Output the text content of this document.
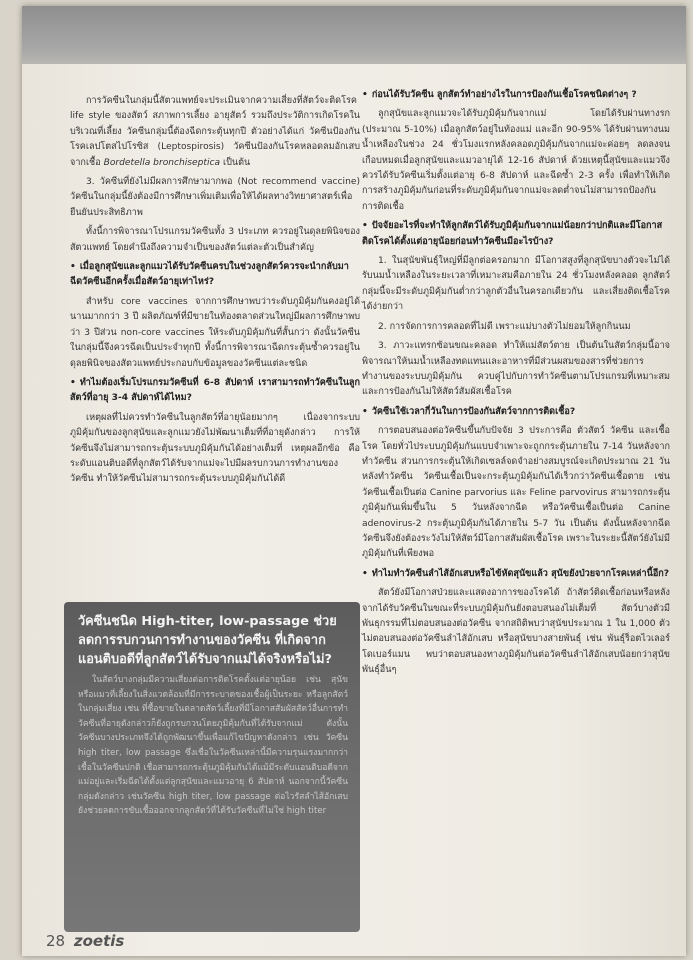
การวัคซีนในกลุ่มนี้สัตวแพทย์จะประเมินจากความเสี่ยงที่สัตว์จะติดโรค life style ของสัตว์ สภาพการเลี้ยง อายุสัตว์ รวมถึงประวัติการเกิดโรคในบริเวณที่เลี้ยง วัคซีนกลุ่มนี้ต้องฉีดกระตุ้นทุกปี ตัวอย่างได้แก่ วัคซีนป้องกันโรคเลปโตสไปโรซิส (Leptospirosis) วัคซีนป้องกันโรคหลอดลมอักเสบจากเชื้อ Bordetella bronchiseptica เป็นต้น

3. วัคซีนที่ยังไม่มีผลการศึกษามากพอ (Not recommend vaccine) วัคซีนในกลุ่มนี้ยังต้องมีการศึกษาเพิ่มเติมเพื่อให้ได้ผลทางวิทยาศาสตร์เพื่อยืนยันประสิทธิภาพ

ทั้งนี้การพิจารณาโปรแกรมวัคซีนทั้ง 3 ประเภท ควรอยู่ในดุลยพินิจของสัตวแพทย์ โดยคำนึงถึงความจำเป็นของสัตว์แต่ละตัวเป็นสำคัญ

• เมื่อลูกสุนัขและลูกแมวได้รับวัคซีนครบในช่วงลูกสัตว์ควรจะนำกลับมาฉีดวัคซีนอีกครั้งเมื่อสัตว์อายุเท่าไหร่?

สำหรับ core vaccines จากการศึกษาพบว่าระดับภูมิคุ้มกันคงอยู่ได้นานมากกว่า 3 ปี ผลิตภัณฑ์ที่มีขายในท้องตลาดส่วนใหญ่มีผลการศึกษาพบว่า 3 ปีส่วน non-core vaccines ให้ระดับภูมิคุ้มกันที่สั้นกว่า ดังนั้นวัคซีนในกลุ่มนี้จึงควรฉีดเป็นประจำทุกปี ทั้งนี้การพิจารณาฉีดกระตุ้นซ้ำควรอยู่ในดุลยพินิจของสัตวแพทย์ประกอบกับข้อมูลของวัคซีนแต่ละชนิด

• ทำไมต้องเริ่มโปรแกรมวัคซีนที่ 6-8 สัปดาห์ เราสามารถทำวัคซีนในลูกสัตว์ที่อายุ 3-4 สัปดาห์ได้ไหม?

เหตุผลที่ไม่ควรทำวัคซีนในลูกสัตว์ที่อายุน้อยมากๆ เนื่องจากระบบภูมิคุ้มกันของลูกสุนัขและลูกแมวยังไม่พัฒนาเต็มที่ที่อายุดังกล่าว การให้วัคซีนจึงไม่สามารถกระตุ้นระบบภูมิคุ้มกันได้อย่างเต็มที่ เหตุผลอีกข้อ คือ ระดับแอนติบอดีที่ลูกสัตว์ได้รับจากแม่จะไปมีผลรบกวนการทำงานของวัคซีน ทำให้วัคซีนไม่สามารถกระตุ้นระบบภูมิคุ้มกันได้ดี

วัคซีนชนิด High-titer, low-passage ช่วยลดการรบกวนการทำงานของวัคซีน ที่เกิดจากแอนติบอดีที่ลูกสัตว์ได้รับจากแม่ได้จริงหรือไม่?
ในสัตว์บางกลุ่มมีความเสี่ยงต่อการติดโรคตั้งแต่อายุน้อย เช่น สุนัขหรือแมวที่เลี้ยงในสิ่งแวดล้อมที่มีการระบาดของเชื้อผู้เป็นระยะ หรือลูกสัตว์ในกลุ่มเสี่ยง เช่น ที่ซื้อขายในตลาดสัตว์เลี้ยงที่มีโอกาสสัมผัสสัตว์อื่นการทำวัคซีนที่อายุดังกล่าวก็ยังถูกรบกวนโดยภูมิคุ้มกันที่ได้รับจากแม่ ดังนั้นวัคซีนบางประเภทจึงได้ถูกพัฒนาขึ้นเพื่อแก้ไขปัญหาดังกล่าว เช่น วัคซีน high titer, low passage ซึ่งเชื่อในวัคซีนเหล่านี้มีความรุนแรงมากกว่าเชื้อในวัคซีนปกติ เชื่อสามารถกระตุ้นภูมิคุ้มกันได้แม้มีระดับแอนติบอดีจากแม่อยู่และเริ่มฉีดได้ตั้งแต่ลูกสุนัขและแมวอายุ 6 สัปดาห์ นอกจากนี้วัคซีนกลุ่มดังกล่าว เช่นวัคซีน high titer, low passage ต่อไวรัสลำไส้อักเสบยังช่วยลดการขับเชื้อออกจากลูกสัตว์ที่ได้รับวัคซีนที่ไม่ใช่ high titer

• ก่อนได้รับวัคซีน ลูกสัตว์ทำอย่างไรในการป้องกันเชื้อโรคชนิดต่างๆ ?

ลูกสุนัขและลูกแมวจะได้รับภูมิคุ้มกันจากแม่ โดยได้รับผ่านทางรก (ประมาณ 5-10%) เมื่อลูกสัตว์อยู่ในท้องแม่ และอีก 90-95% ได้รับผ่านทางนมน้ำเหลืองในช่วง 24 ชั่วโมงแรกหลังคลอดภูมิคุ้มกันจากแม่จะค่อยๆ ลดลงจนเกือบหมดเมื่อลูกสุนัขและแมวอายุได้ 12-16 สัปดาห์ ด้วยเหตุนี้สุนัขและแมวจึงควรได้รับวัคซีนเริ่มตั้งแต่อายุ 6-8 สัปดาห์ และฉีดซ้ำ 2-3 ครั้ง เพื่อทำให้เกิดการสร้างภูมิคุ้มกันก่อนที่ระดับภูมิคุ้มกันจากแม่จะลดต่ำจนไม่สามารถป้องกันการติดเชื้อ

• ปัจจัยอะไรที่จะทำให้ลูกสัตว์ได้รับภูมิคุ้มกันจากแม่น้อยกว่าปกติและมีโอกาสติดโรคได้ตั้งแต่อายุน้อยก่อนทำวัคซีนมีอะไรบ้าง?

1. ในสุนัขพันธุ์ใหญ่ที่มีลูกต่อครอกมาก มีโอกาสสูงที่ลูกสุนัขบางตัวจะไม่ได้รับนมน้ำเหลืองในระยะเวลาที่เหมาะสมคือภายใน 24 ชั่วโมงหลังคลอด ลูกสัตว์กลุ่มนี้จะมีระดับภูมิคุ้มกันต่ำกว่าลูกตัวอื่นในครอกเดียวกัน และเสี่ยงติดเชื้อโรคได้ง่ายกว่า

2. การจัดการการคลอดที่ไม่ดี เพราะแม่บางตัวไม่ยอมให้ลูกกินนม

3. ภาวะแทรกซ้อนขณะคลอด ทำให้แม่สัตว์ตาย เป็นต้นในสัตว์กลุ่มนี้อาจพิจารณาให้นมน้ำเหลืองทดแทนและอาหารที่มีส่วนผสมของสารที่ช่วยการทำงานของระบบภูมิคุ้มกัน ควบคู่ไปกับการทำวัคซีนตามโปรแกรมที่เหมาะสมและการป้องกันไม่ให้สัตว์สัมผัสเชื้อโรค

• วัคซีนใช้เวลากี่วันในการป้องกันสัตว์จากการติดเชื้อ?

การตอบสนองต่อวัคซีนขึ้นกับปัจจัย 3 ประการคือ ตัวสัตว์ วัคซีน และเชื้อโรค โดยทั่วไประบบภูมิคุ้มกันแบบจำเพาะจะถูกกระตุ้นภายใน 7-14 วันหลังจากทำวัคซีน ส่วนการกระตุ้นให้เกิดเซลล์จดจำอย่างสมบูรณ์จะเกิดประมาณ 21 วัน หลังทำวัคซีน วัคซีนเชื้อเป็นจะกระตุ้นภูมิคุ้มกันได้เร็วกว่าวัคซีนเชื้อตาย เช่น วัคซีนเชื้อเป็นต่อ Canine parvorius และ Feline parvovirus สามารถกระตุ้นภูมิคุ้มกันเพิ่มขึ้นใน 5 วันหลังจากฉีด หรือวัคซีนเชื้อเป็นต่อ Canine adenovirus-2 กระตุ้นภูมิคุ้มกันได้ภายใน 5-7 วัน เป็นต้น ดังนั้นหลังจากฉีดวัคซีนจึงยังต้องระวังไม่ให้สัตว์มีโอกาสสัมผัสเชื้อโรค เพราะในระยะนี้สัตว์ยังไม่มีภูมิคุ้มกันที่เพียงพอ

• ทำไมทำวัคซีนลำไส้อักเสบหรือไข้หัดสุนัขแล้ว สุนัขยังป่วยจากโรคเหล่านี้อีก?

สัตว์ยังมีโอกาสป่วยและแสดงอาการของโรคได้ ถ้าสัตว์ติดเชื้อก่อนหรือหลังจากได้รับวัคซีนในขณะที่ระบบภูมิคุ้มกันยังตอบสนองไม่เต็มที่ สัตว์บางตัวมีพันธุกรรมที่ไม่ตอบสนองต่อวัคซีน จากสถิติพบว่าสุนัขประมาณ 1 ใน 1,000 ตัว ไม่ตอบสนองต่อวัคซีนลำไส้อักเสบ หรือสุนัขบางสายพันธุ์ เช่น พันธุ์ร็อตไวเลอร์ โดเบอร์แมน พบว่าตอบสนองทางภูมิคุ้มกันต่อวัคซีนลำไส้อักเสบน้อยกว่าสุนัขพันธุ์อื่นๆ

28 zoetis
